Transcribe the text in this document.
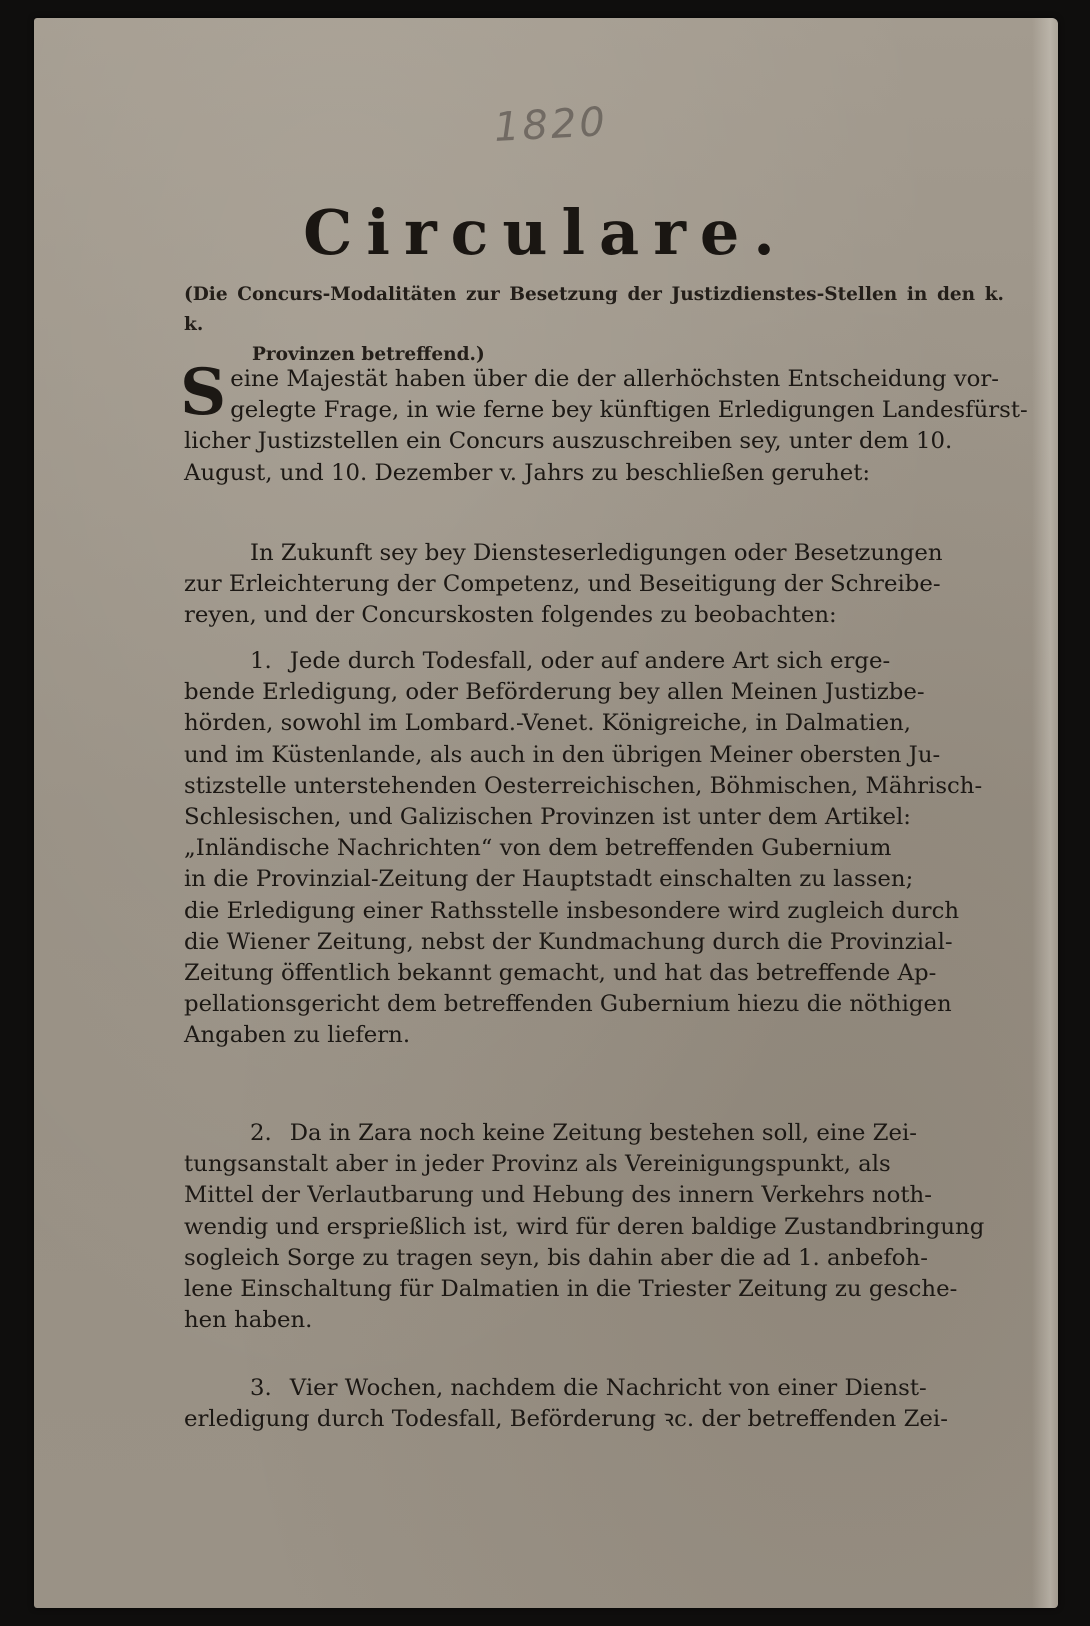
1820
Circulare.
(Die Concurs-Modalitäten zur Besetzung der Justizdienstes-Stellen in den k. k.
Provinzen betreffend.)
S eine Majestät haben über die der allerhöchsten Entscheidung vor-
gelegte Frage, in wie ferne bey künftigen Erledigungen Landesfürst-
licher Justizstellen ein Concurs auszuschreiben sey, unter dem 10.
August, und 10. Dezember v. Jahrs zu beschließen geruhet:
In Zukunft sey bey Diensteserledigungen oder Besetzungen
zur Erleichterung der Competenz, und Beseitigung der Schreibe-
reyen, und der Concurskosten folgendes zu beobachten:
1. Jede durch Todesfall, oder auf andere Art sich erge-
bende Erledigung, oder Beförderung bey allen Meinen Justizbe-
hörden, sowohl im Lombard.-Venet. Königreiche, in Dalmatien,
und im Küstenlande, als auch in den übrigen Meiner obersten Ju-
stizstelle unterstehenden Oesterreichischen, Böhmischen, Mährisch-
Schlesischen, und Galizischen Provinzen ist unter dem Artikel:
„Inländische Nachrichten“ von dem betreffenden Gubernium
in die Provinzial-Zeitung der Hauptstadt einschalten zu lassen;
die Erledigung einer Rathsstelle insbesondere wird zugleich durch
die Wiener Zeitung, nebst der Kundmachung durch die Provinzial-
Zeitung öffentlich bekannt gemacht, und hat das betreffende Ap-
pellationsgericht dem betreffenden Gubernium hiezu die nöthigen
Angaben zu liefern.
2. Da in Zara noch keine Zeitung bestehen soll, eine Zei-
tungsanstalt aber in jeder Provinz als Vereinigungspunkt, als
Mittel der Verlautbarung und Hebung des innern Verkehrs noth-
wendig und ersprießlich ist, wird für deren baldige Zustandbringung
sogleich Sorge zu tragen seyn, bis dahin aber die ad 1. anbefoh-
lene Einschaltung für Dalmatien in die Triester Zeitung zu gesche-
hen haben.
3. Vier Wochen, nachdem die Nachricht von einer Dienst-
erledigung durch Todesfall, Beförderung ꝛc. der betreffenden Zei-
